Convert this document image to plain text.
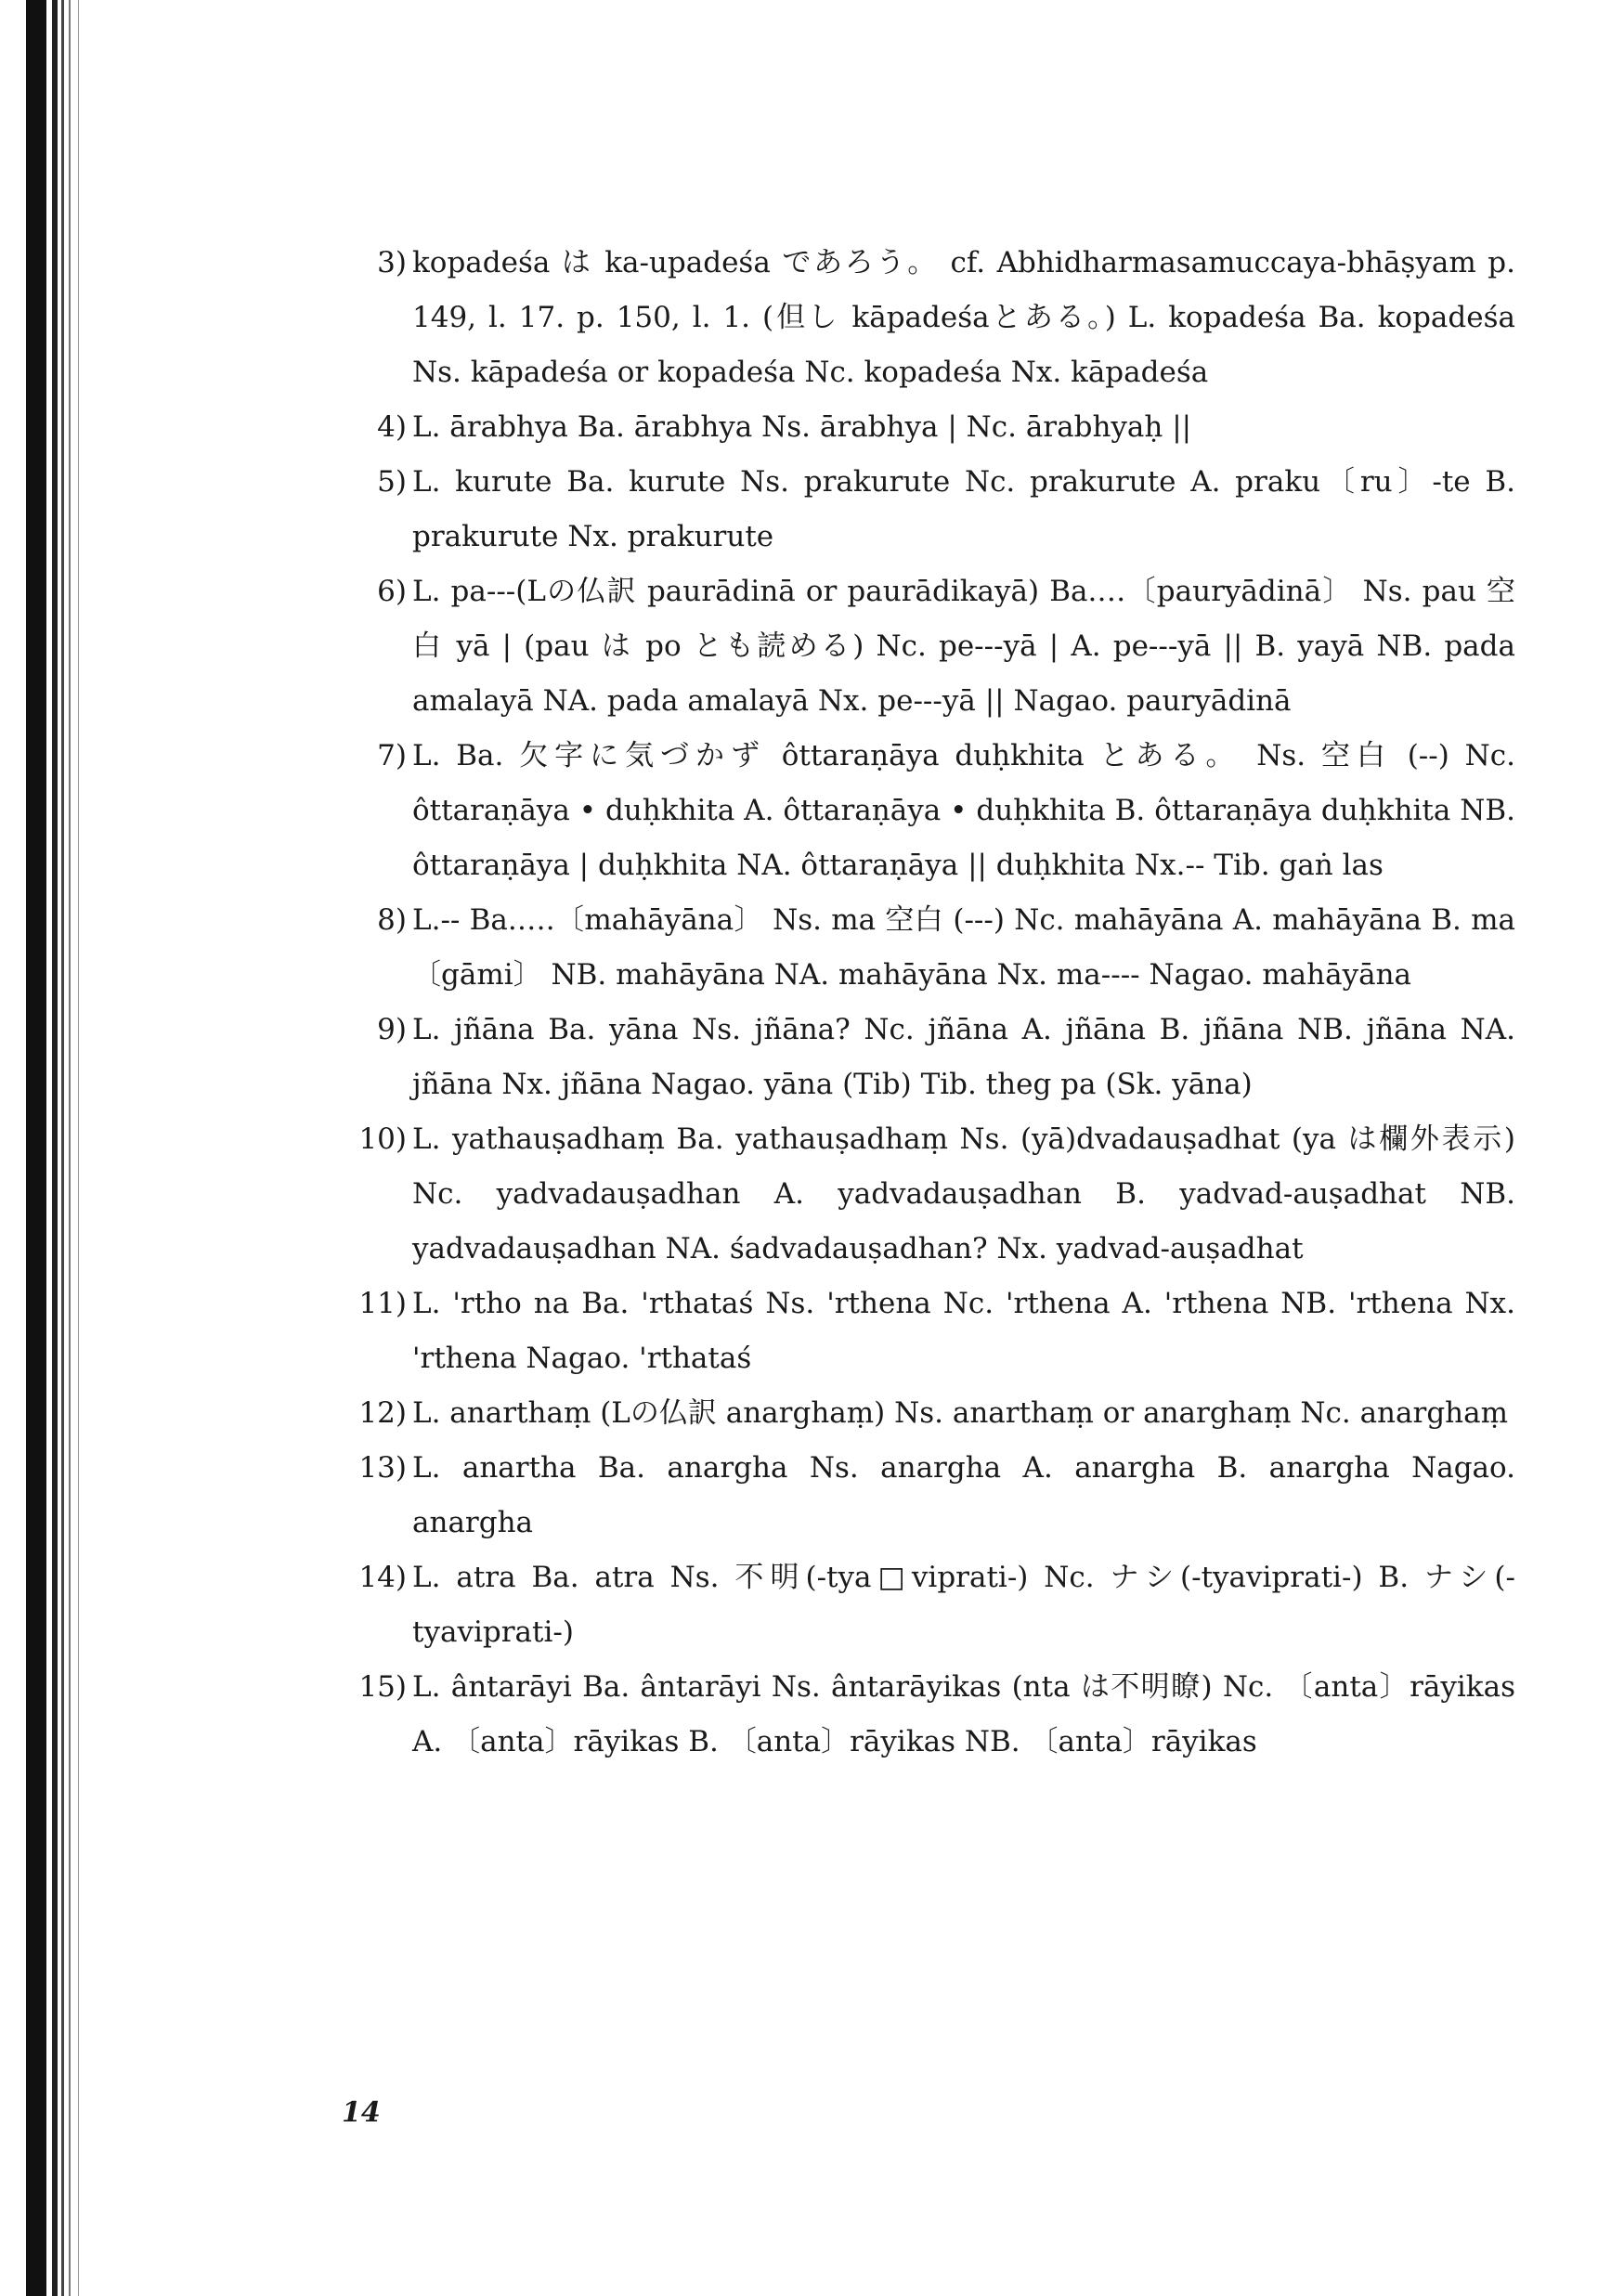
3) kopadeśa は ka-upadeśa であろう。 cf. Abhidharmasamuccaya-bhāṣyam p. 149, l. 17. p. 150, l. 1. (但し kāpadeśaとある。) L. kopadeśa Ba. kopadeśa Ns. kāpadeśa or kopadeśa Nc. kopadeśa Nx. kāpadeśa
4) L. ārabhya Ba. ārabhya Ns. ārabhya | Nc. ārabhyaḥ ||
5) L. kurute Ba. kurute Ns. prakurute Nc. prakurute A. praku〔ru〕-te B. prakurute Nx. prakurute
6) L. pa---(Lの仏訳 paurādinā or paurādikayā) Ba.…〔pauryādinā〕 Ns. pau 空白 yā | (pau は po とも読める) Nc. pe---yā | A. pe---yā || B. yayā NB. pada amalayā NA. pada amalayā Nx. pe---yā || Nagao. pauryādinā
7) L. Ba. 欠字に気づかず ôttaraṇāya duḥkhita とある。 Ns. 空白 (--) Nc. ôttaraṇāya • duḥkhita A. ôttaraṇāya • duḥkhita B. ôttaraṇāya duḥkhita NB. ôttaraṇāya | duḥkhita NA. ôttaraṇāya || duḥkhita Nx.-- Tib. gaṅ las
8) L.-- Ba.….〔mahāyāna〕 Ns. ma 空白 (---) Nc. mahāyāna A. mahāyāna B. ma〔gāmi〕 NB. mahāyāna NA. mahāyāna Nx. ma---- Nagao. mahāyāna
9) L. jñāna Ba. yāna Ns. jñāna? Nc. jñāna A. jñāna B. jñāna NB. jñāna NA. jñāna Nx. jñāna Nagao. yāna (Tib) Tib. theg pa (Sk. yāna)
10) L. yathauṣadhaṃ Ba. yathauṣadhaṃ Ns. (yā)dvadauṣadhat (ya は欄外表示) Nc. yadvadauṣadhan A. yadvadauṣadhan B. yadvad-auṣadhat NB. yadvadauṣadhan NA. śadvadauṣadhan? Nx. yadvad-auṣadhat
11) L. 'rtho na Ba. 'rthataś Ns. 'rthena Nc. 'rthena A. 'rthena NB. 'rthena Nx. 'rthena Nagao. 'rthataś
12) L. anarthaṃ (Lの仏訳 anarghaṃ) Ns. anarthaṃ or anarghaṃ Nc. anarghaṃ
13) L. anartha Ba. anargha Ns. anargha A. anargha B. anargha Nagao. anargha
14) L. atra Ba. atra Ns. 不明(-tya□viprati-) Nc. ナシ(-tyaviprati-) B. ナシ(-tyaviprati-)
15) L. ântarāyi Ba. ântarāyi Ns. ântarāyikas (nta は不明瞭) Nc. 〔anta〕rāyikas A. 〔anta〕rāyikas B. 〔anta〕rāyikas NB. 〔anta〕rāyikas
14
